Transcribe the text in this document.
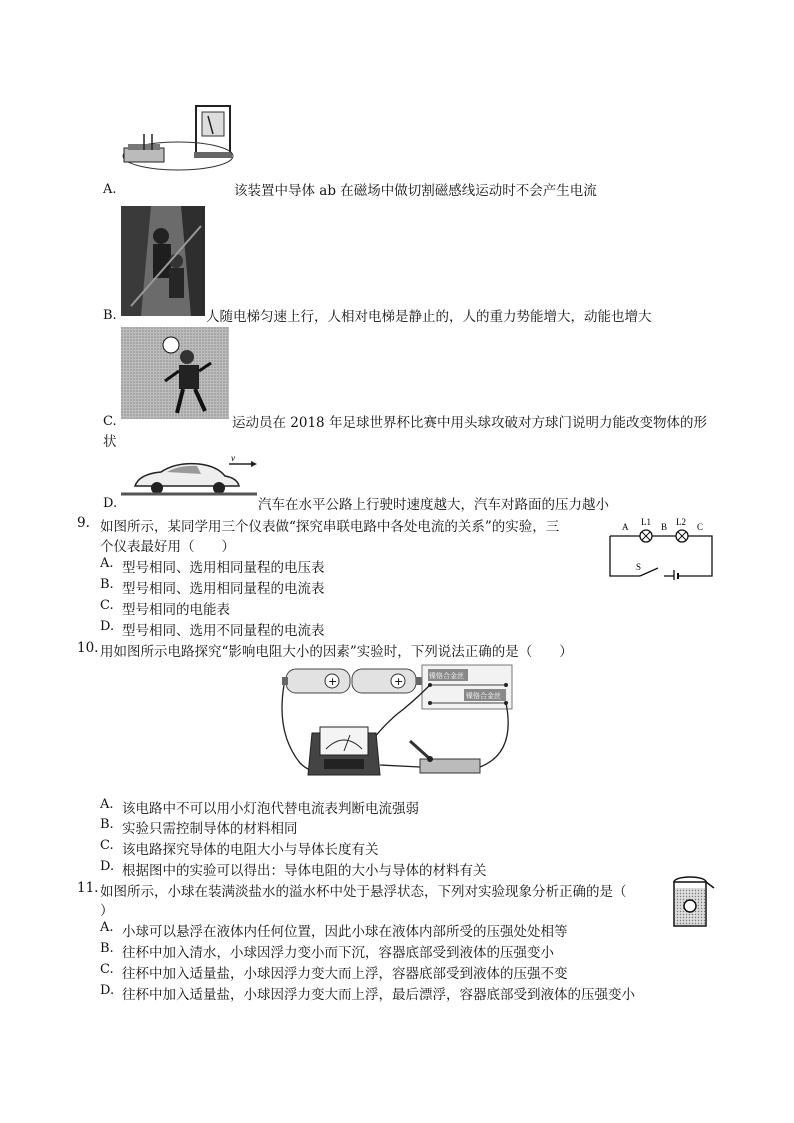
A.	该装置中导体 ab 在磁场中做切割磁感线运动时不会产生电流
B.	人随电梯匀速上行，人相对电梯是静止的，人的重力势能增大，动能也增大
C.	运动员在 2018 年足球世界杯比赛中用头球攻破对方球门说明力能改变物体的形
状
v
D.	汽车在水平公路上行驶时速度越大，汽车对路面的压力越小
9. 如图所示，某同学用三个仪表做“探究串联电路中各处电流的关系”的实验，三
个仪表最好用（　　）
A. 型号相同、选用相同量程的电压表
B. 型号相同、选用相同量程的电流表
C. 型号相同的电能表
D. 型号相同、选用不同量程的电流表
A L1 B L2 C
S
10. 用如图所示电路探究“影响电阻大小的因素”实验时，下列说法正确的是（　　）
+	+	镍铬合金丝
镍铬合金丝
A. 该电路中不可以用小灯泡代替电流表判断电流强弱
B. 实验只需控制导体的材料相同
C. 该电路探究导体的电阻大小与导体长度有关
D. 根据图中的实验可以得出：导体电阻的大小与导体的材料有关
11. 如图所示，小球在装满淡盐水的溢水杯中处于悬浮状态，下列对实验现象分析正确的是（
）
A. 小球可以悬浮在液体内任何位置，因此小球在液体内部所受的压强处处相等
B. 往杯中加入清水，小球因浮力变小而下沉，容器底部受到液体的压强变小
C. 往杯中加入适量盐，小球因浮力变大而上浮，容器底部受到液体的压强不变
D. 往杯中加入适量盐，小球因浮力变大而上浮，最后漂浮，容器底部受到液体的压强变小
